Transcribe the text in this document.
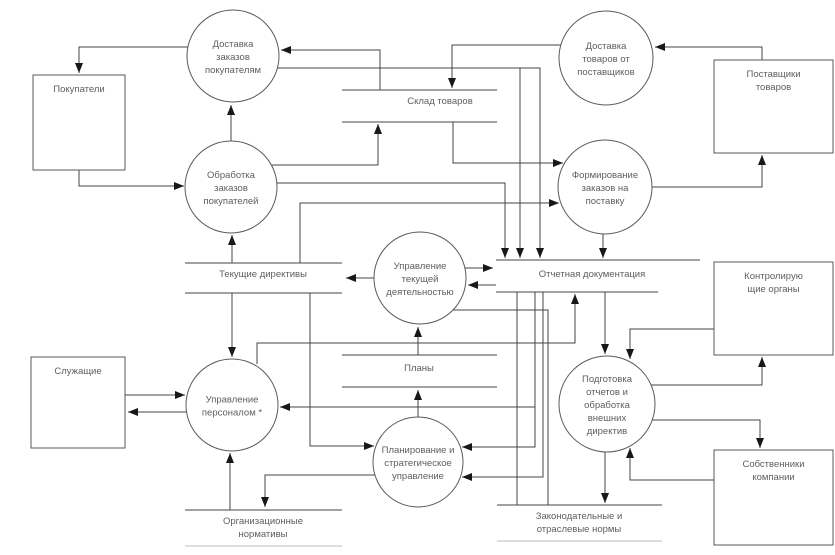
Склад товаров
Текущие директивы	Отчетная документация
Планы
Организационные нормативы
Законодательные и отраслевые нормы
Покупатели
Поставщики товаров
Контролирую щие органы
Служащие
Собственники компании
Доставка заказов покупателям
Обработка заказов покупателей
Доставка товаров от поставщиков
Формирование заказов на поставку
Управление текущей деятельностью
Управление персоналом *
Планирование и стратегическое управление
Подготовка отчетов и обработка внешних директив
